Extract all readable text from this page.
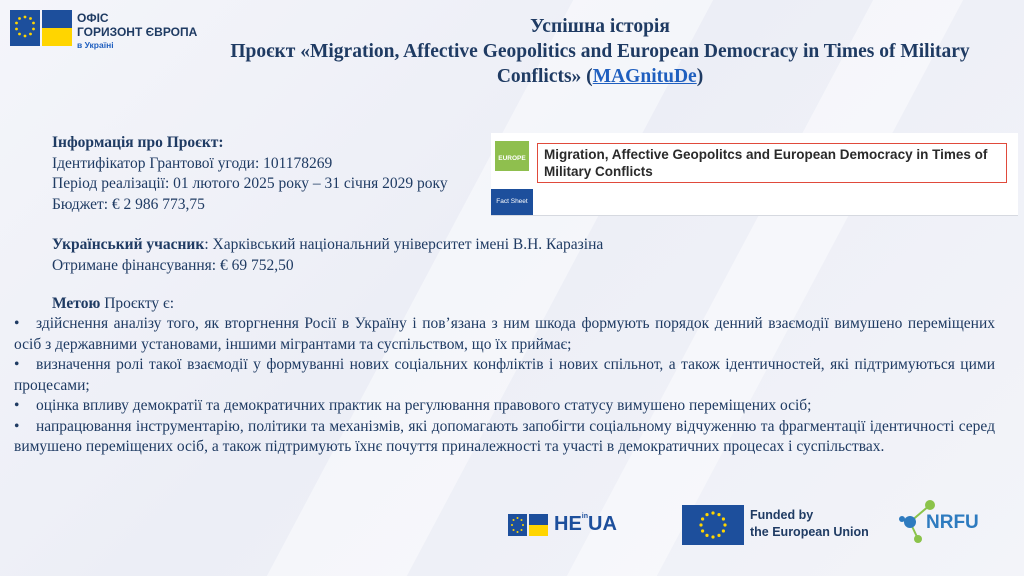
ОФІС
ГОРИЗОНТ ЄВРОПА
в Україні
Успішна історія
Проєкт «Migration, Affective Geopolitics and European Democracy in Times of Military Conflicts» (MAGnituDe)
Інформація про Проєкт:
Ідентифікатор Грантової угоди: 101178269
Період реалізації: 01 лютого 2025 року – 31 січня 2029 року
Бюджет: € 2 986 773,75
EUROPE	Migration, Affective Geopolitcs and European Democracy in Times of Military Conflicts
Fact Sheet
Український учасник: Харківський національний університет імені В.Н. Каразіна
Отримане фінансування: € 69 752,50
Метою Проєкту є:
• здійснення аналізу того, як вторгнення Росії в Україну і пов’язана з ним шкода формують порядок денний взаємодії вимушено переміщених осіб з державними установами, іншими мігрантами та суспільством, що їх приймає;
• визначення ролі такої взаємодії у формуванні нових соціальних конфліктів і нових спільнот, а також ідентичностей, які підтримуються цими процесами;
• оцінка впливу демократії та демократичних практик на регулювання правового статусу вимушено переміщених осіб;
• напрацювання інструментарію, політики та механізмів, які допомагають запобігти соціальному відчуженню та фрагментації ідентичності серед вимушено переміщених осіб, а також підтримують їхнє почуття приналежності та участі в демократичних процесах і суспільствах.
$HE^{in}UA$	Funded by
the European Union	NRFU
